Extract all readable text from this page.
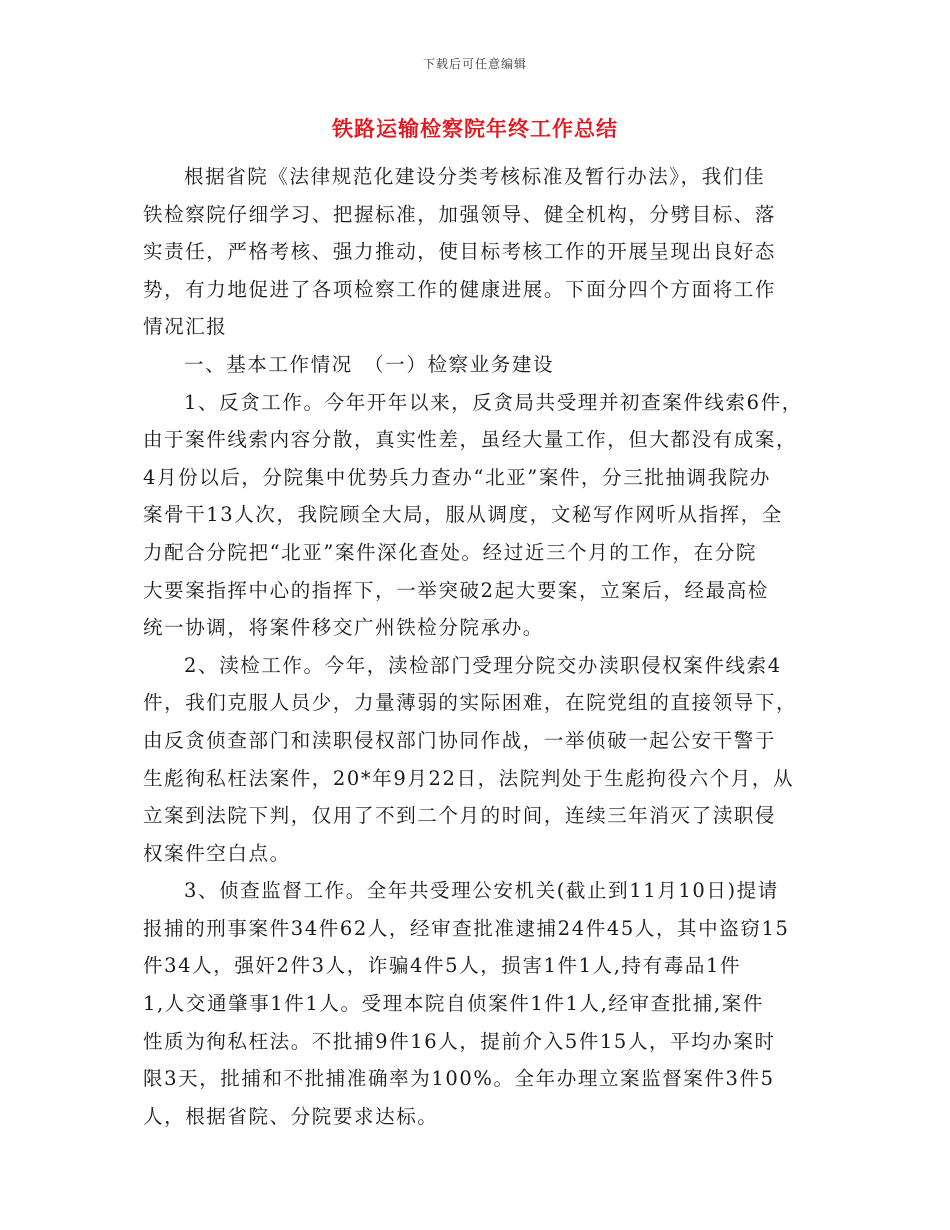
下载后可任意编辑
铁路运输检察院年终工作总结
根据省院《法律规范化建设分类考核标准及暂行办法》，我们佳
铁检察院仔细学习、把握标准，加强领导、健全机构，分劈目标、落
实责任，严格考核、强力推动，使目标考核工作的开展呈现出良好态
势，有力地促进了各项检察工作的健康进展。下面分四个方面将工作
情况汇报
一、基本工作情况　（一）检察业务建设
1、反贪工作。今年开年以来，反贪局共受理并初查案件线索6件，
由于案件线索内容分散，真实性差，虽经大量工作，但大都没有成案，
4月份以后，分院集中优势兵力查办“北亚”案件，分三批抽调我院办
案骨干13人次，我院顾全大局，服从调度，文秘写作网听从指挥，全
力配合分院把“北亚”案件深化查处。经过近三个月的工作，在分院
大要案指挥中心的指挥下，一举突破2起大要案，立案后，经最高检
统一协调，将案件移交广州铁检分院承办。
2、渎检工作。今年，渎检部门受理分院交办渎职侵权案件线索4
件，我们克服人员少，力量薄弱的实际困难，在院党组的直接领导下，
由反贪侦查部门和渎职侵权部门协同作战，一举侦破一起公安干警于
生彪徇私枉法案件，20*年9月22日，法院判处于生彪拘役六个月，从
立案到法院下判，仅用了不到二个月的时间，连续三年消灭了渎职侵
权案件空白点。
3、侦查监督工作。全年共受理公安机关(截止到11月10日)提请
报捕的刑事案件34件62人，经审查批准逮捕24件45人，其中盗窃15
件34人，强奸2件3人，诈骗4件5人，损害1件1人,持有毒品1件
1,人交通肇事1件1人。受理本院自侦案件1件1人,经审查批捕,案件
性质为徇私枉法。不批捕9件16人，提前介入5件15人，平均办案时
限3天，批捕和不批捕准确率为100%。全年办理立案监督案件3件5
人，根据省院、分院要求达标。
